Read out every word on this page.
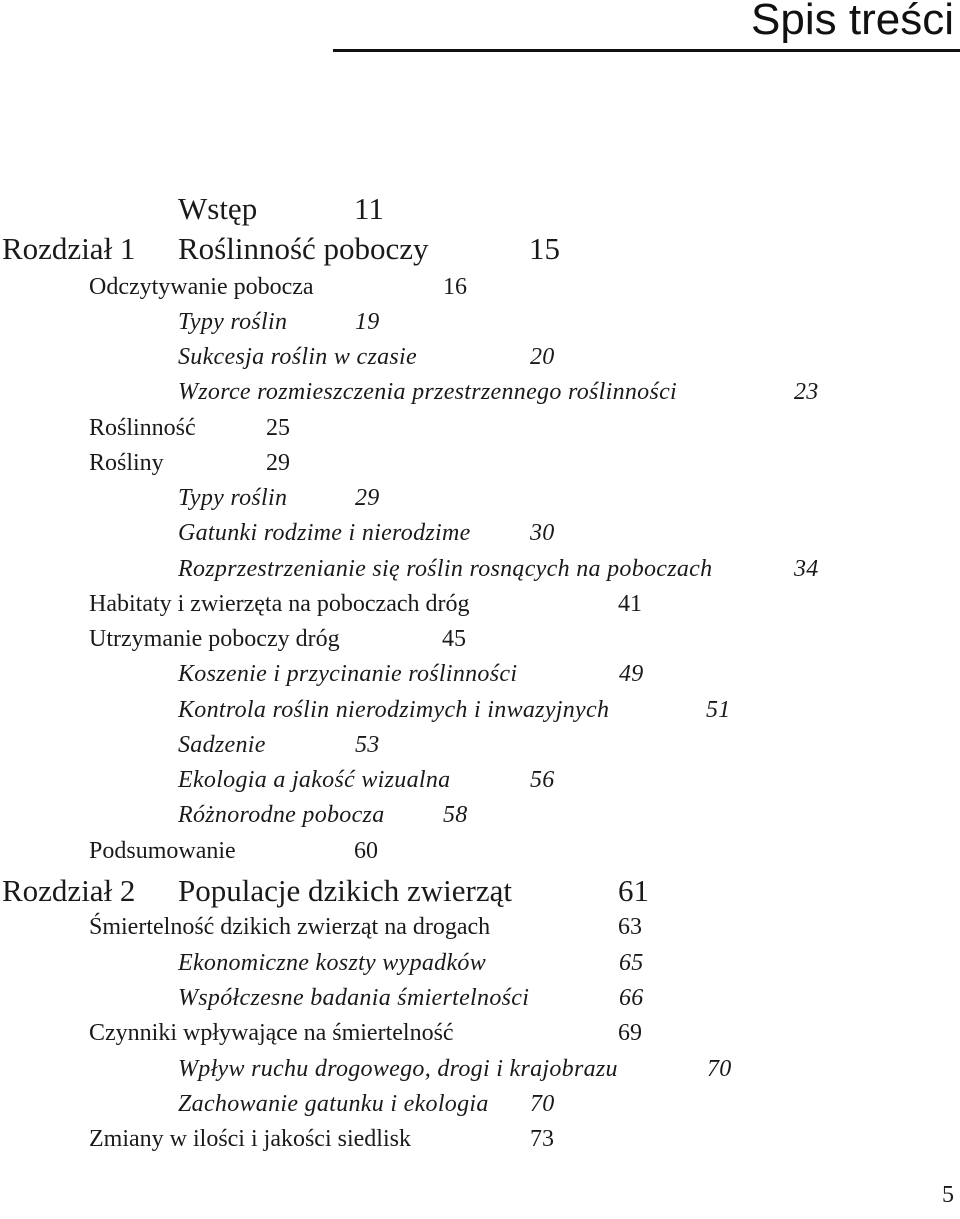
Spis treści
Wstęp	11
Rozdział 1 Roślinność poboczy	15
Odczytywanie pobocza	16
Typy roślin	19
Sukcesja roślin w czasie	20
Wzorce rozmieszczenia przestrzennego roślinności	23
Roślinność	25
Rośliny	29
Typy roślin	29
Gatunki rodzime i nierodzime 30
Rozprzestrzenianie się roślin rosnących na poboczach	34
Habitaty i zwierzęta na poboczach dróg	41
Utrzymanie poboczy dróg	45
Koszenie i przycinanie roślinności	49
Kontrola roślin nierodzimych i inwazyjnych	51
Sadzenie	53
Ekologia a jakość wizualna	56
Różnorodne pobocza 58
Podsumowanie	60
Rozdział 2 Populacje dzikich zwierząt	61
Śmiertelność dzikich zwierząt na drogach	63
Ekonomiczne koszty wypadków	65
Współczesne badania śmiertelności	66
Czynniki wpływające na śmiertelność	69
Wpływ ruchu drogowego, drogi i krajobrazu	70
Zachowanie gatunku i ekologia 70
Zmiany w ilości i jakości siedlisk	73
5
